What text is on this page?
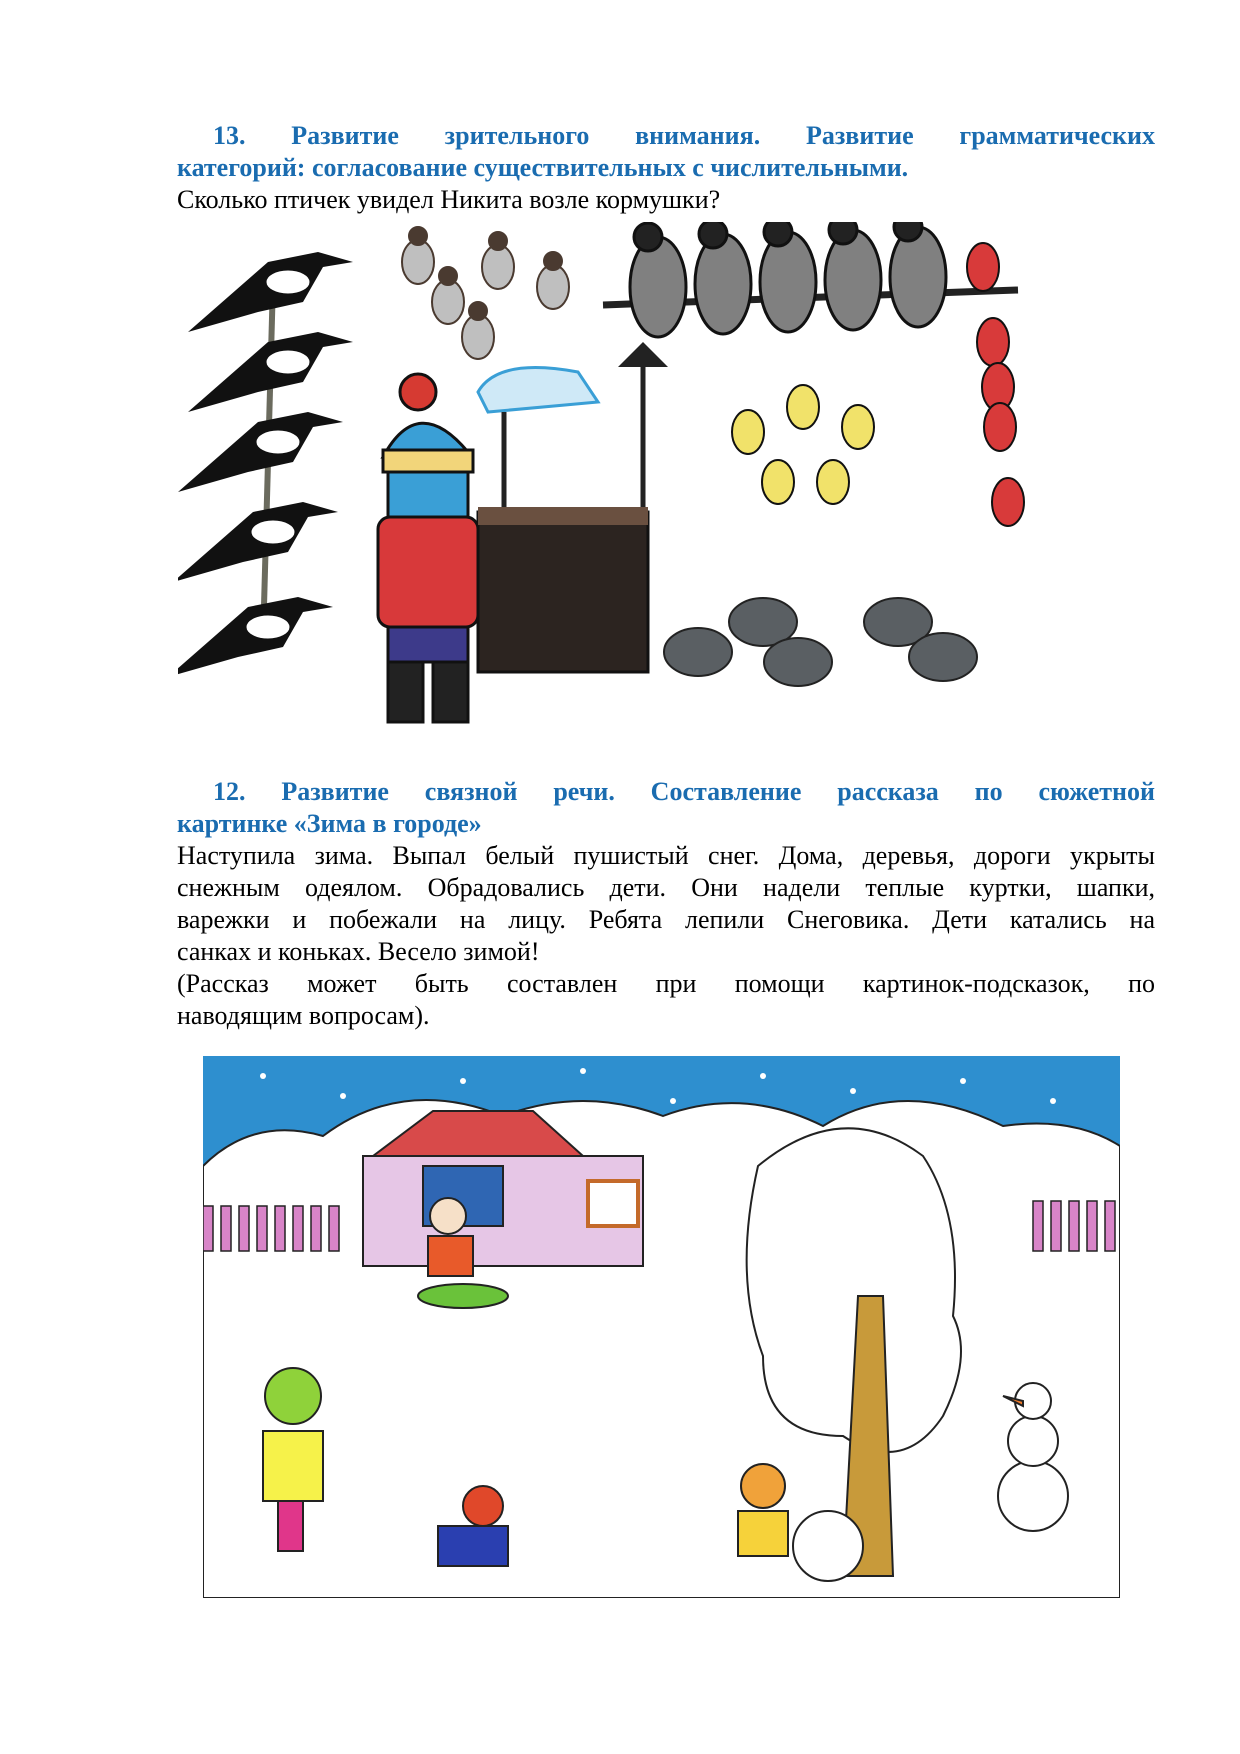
13. Развитие зрительного внимания. Развитие грамматических
категорий: согласование существительных с числительными.
Сколько птичек увидел Никита возле кормушки?
12. Развитие связной речи. Составление рассказа по сюжетной
картинке «Зима в городе»
Наступила зима. Выпал белый пушистый снег. Дома, деревья, дороги укрыты
снежным одеялом. Обрадовались дети. Они надели теплые куртки, шапки,
варежки и побежали на лицу. Ребята лепили Снеговика. Дети катались на
санках и коньках. Весело зимой!
(Рассказ может быть составлен при помощи картинок-подсказок, по
наводящим вопросам).
